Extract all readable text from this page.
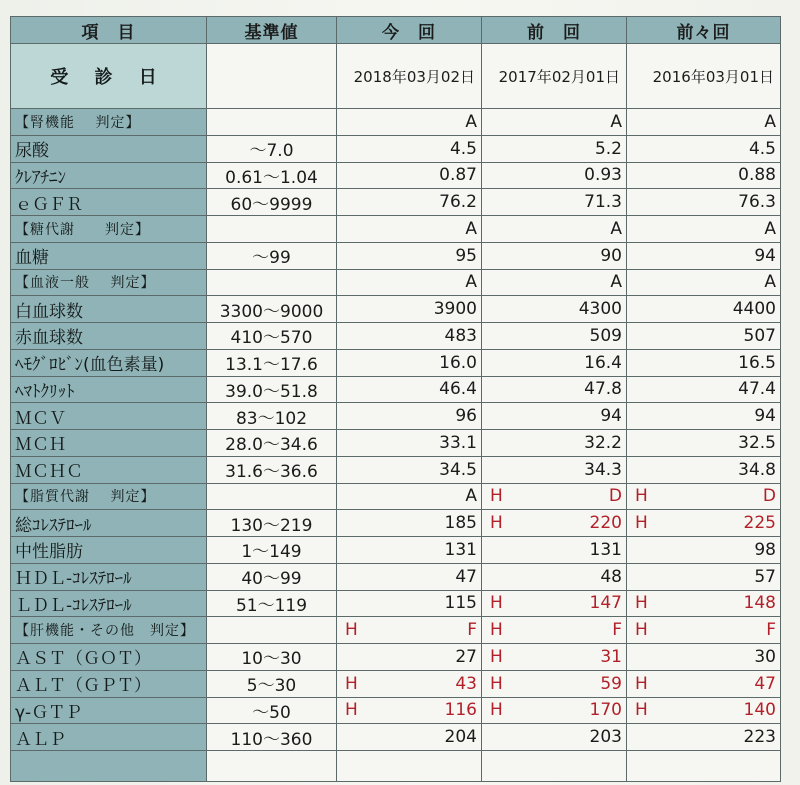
項　目	基準値	今　回	前　回	前々回
受 診 日		2018年03月02日	2017年02月01日	2016年03月01日
【腎機能　 判定】		A	A	A
尿酸	～7.0	4.5	5.2	4.5
ｸﾚｱﾁﾆﾝ	0.61～1.04	0.87	0.93	0.88
ｅＧＦＲ	60～9999	76.2	71.3	76.3
【糖代謝　　判定】		A	A	A
血糖	～99	95	90	94
【血液一般　 判定】		A	A	A
白血球数	3300～9000	3900	4300	4400
赤血球数	410～570	483	509	507
ﾍﾓｸﾞﾛﾋﾞﾝ(血色素量)	13.1～17.6	16.0	16.4	16.5
ﾍﾏﾄｸﾘｯﾄ	39.0～51.8	46.4	47.8	47.4
ＭＣＶ	83～102	96	94	94
ＭＣＨ	28.0～34.6	33.1	32.2	32.5
ＭＣＨＣ	31.6～36.6	34.5	34.3	34.8
【脂質代謝　 判定】		A	H D	H D
総ｺﾚｽﾃﾛｰﾙ	130～219	185	H 220	H 225
中性脂肪	1～149	131	131	98
ＨＤＬ-ｺﾚｽﾃﾛｰﾙ	40～99	47	48	57
ＬＤＬ-ｺﾚｽﾃﾛｰﾙ	51～119	115	H 147	H 148
【肝機能・その他　判定】		H F	H F	H F
ＡＳＴ（ＧＯＴ）	10～30	27	H 31	30
ＡＬＴ（ＧＰＴ）	5～30	H 43	H 59	H 47
γ-ＧＴＰ	～50	H 116	H 170	H 140
ＡＬＰ	110～360	204	203	223
